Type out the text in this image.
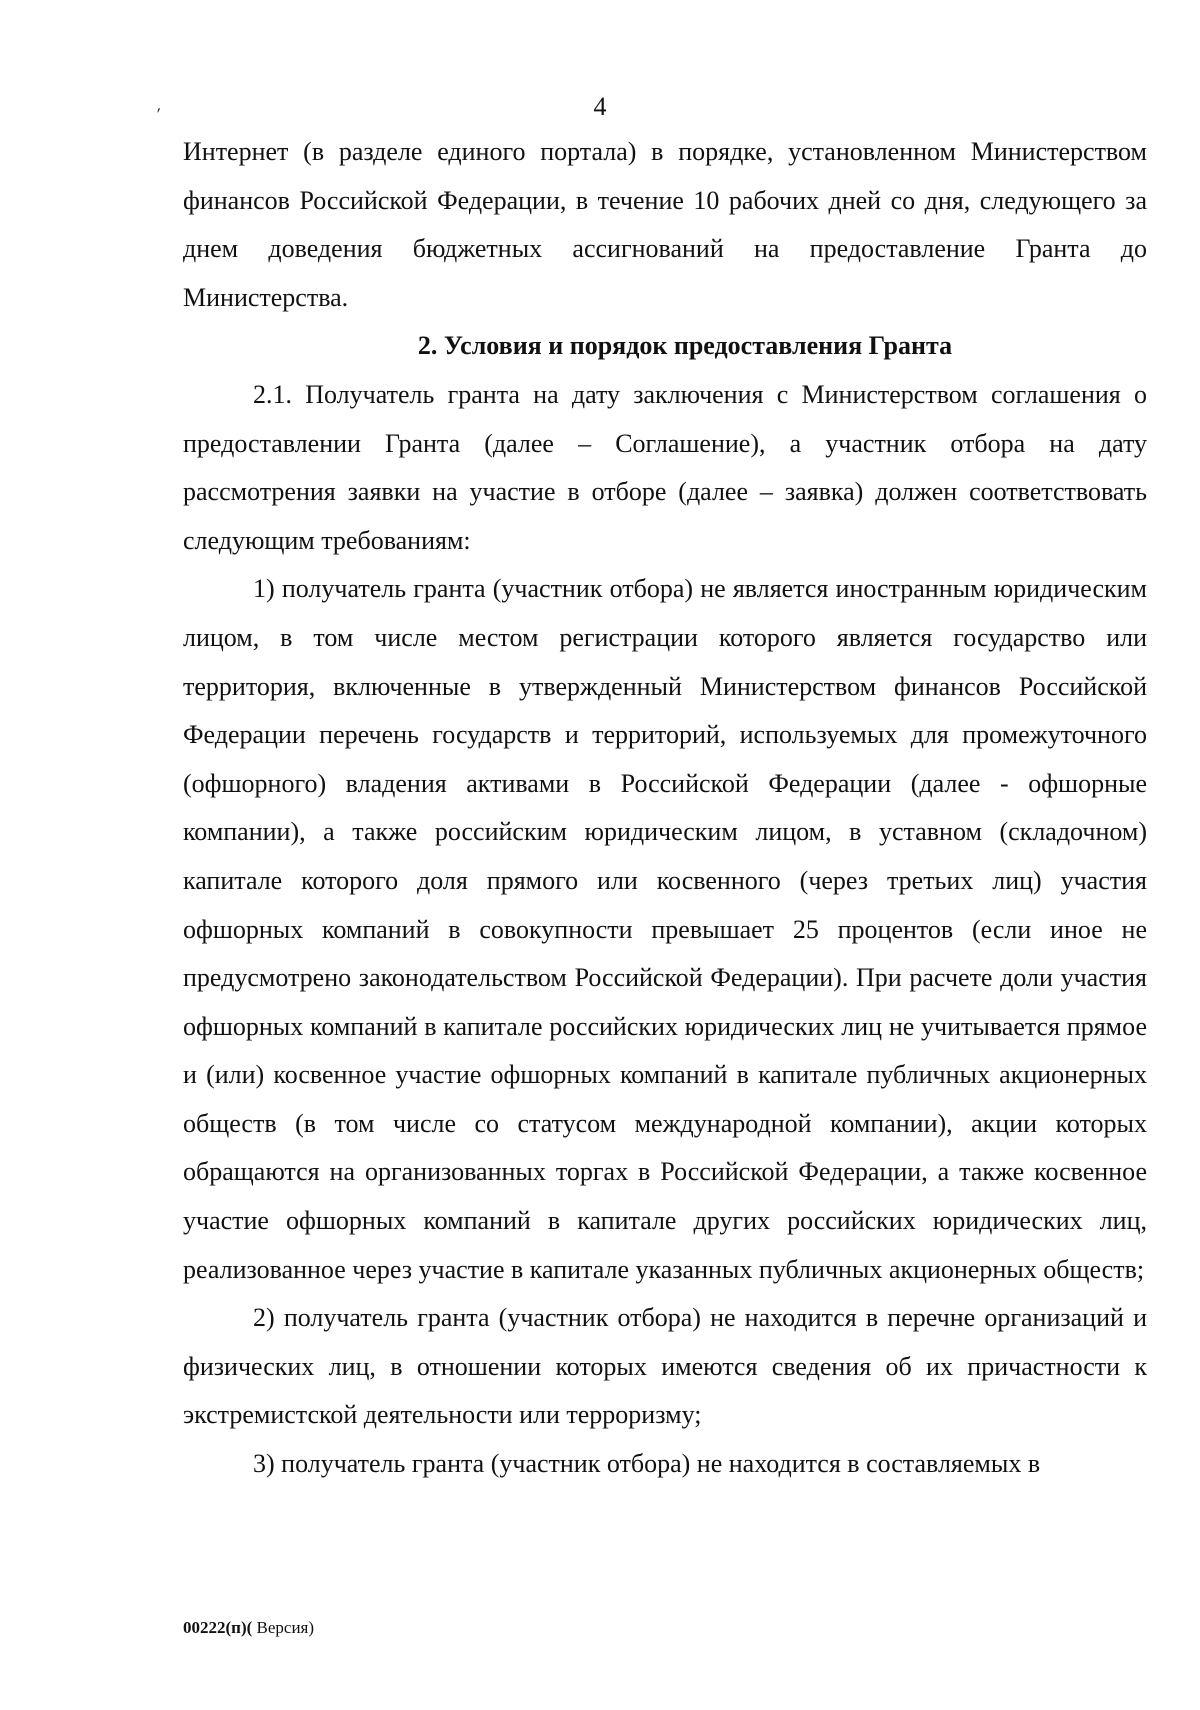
′	4

Интернет (в разделе единого портала) в порядке, установленном Министерством финансов Российской Федерации, в течение 10 рабочих дней со дня, следующего за днем доведения бюджетных ассигнований на предоставление Гранта до Министерства.

2. Условия и порядок предоставления Гранта

2.1. Получатель гранта на дату заключения с Министерством соглашения о предоставлении Гранта (далее – Соглашение), а участник отбора на дату рассмотрения заявки на участие в отборе (далее – заявка) должен соответствовать следующим требованиям:

1) получатель гранта (участник отбора) не является иностранным юридическим лицом, в том числе местом регистрации которого является государство или территория, включенные в утвержденный Министерством финансов Российской Федерации перечень государств и территорий, используемых для промежуточного (офшорного) владения активами в Российской Федерации (далее - офшорные компании), а также российским юридическим лицом, в уставном (складочном) капитале которого доля прямого или косвенного (через третьих лиц) участия офшорных компаний в совокупности превышает 25 процентов (если иное не предусмотрено законодательством Российской Федерации). При расчете доли участия офшорных компаний в капитале российских юридических лиц не учитывается прямое и (или) косвенное участие офшорных компаний в капитале публичных акционерных обществ (в том числе со статусом международной компании), акции которых обращаются на организованных торгах в Российской Федерации, а также косвенное участие офшорных компаний в капитале других российских юридических лиц, реализованное через участие в капитале указанных публичных акционерных обществ;

2) получатель гранта (участник отбора) не находится в перечне организаций и физических лиц, в отношении которых имеются сведения об их причастности к экстремистской деятельности или терроризму;

3) получатель гранта (участник отбора) не находится в составляемых в

00222(п)( Версия)
